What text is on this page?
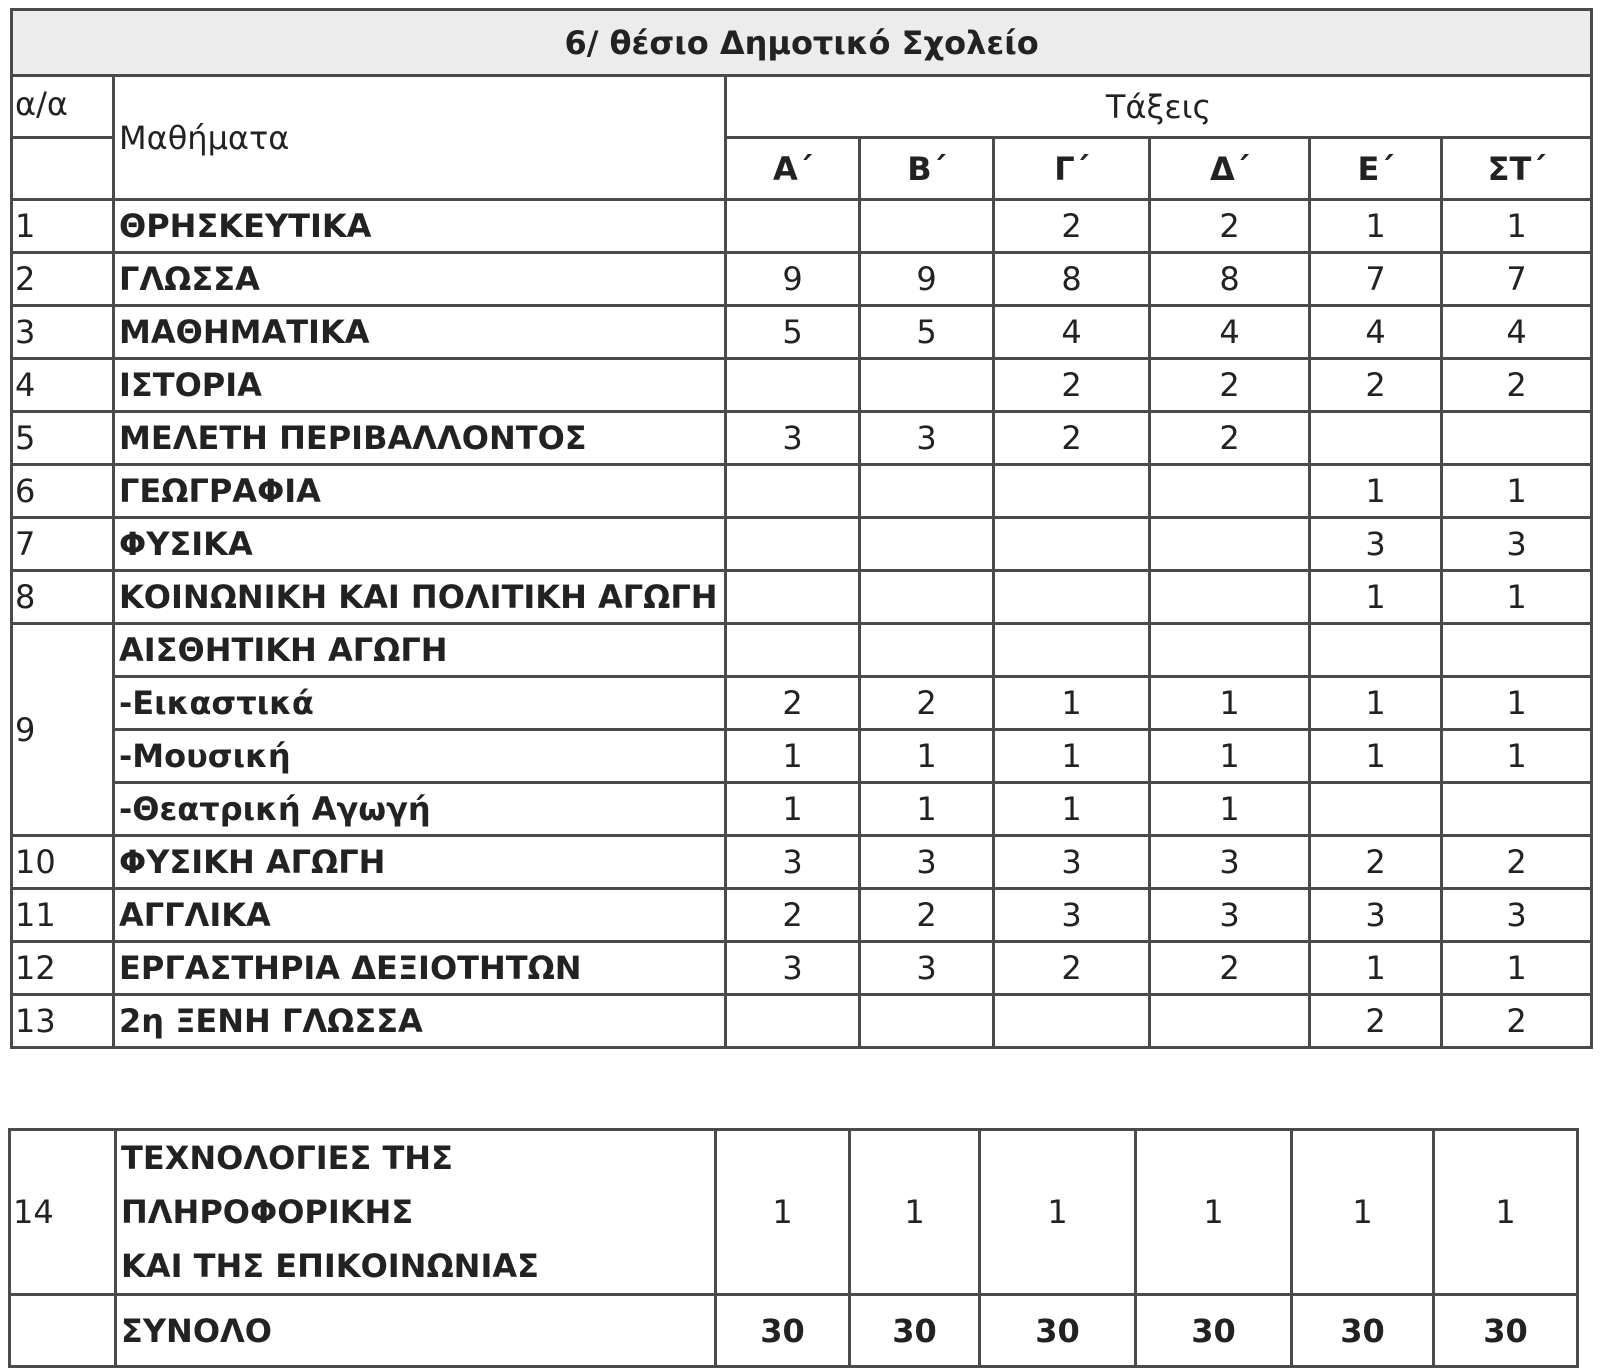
6/ θέσιο Δημοτικό Σχολείο							
α/α	Μαθήματα	Τάξεις					
		Α΄	Β΄	Γ΄	Δ΄	Ε΄	ΣΤ΄
1	ΘΡΗΣΚΕΥΤΙΚΑ			2	2	1	1
2	ΓΛΩΣΣΑ	9	9	8	8	7	7
3	ΜΑΘΗΜΑΤΙΚΑ	5	5	4	4	4	4
4	ΙΣΤΟΡΙΑ			2	2	2	2
5	ΜΕΛΕΤΗ ΠΕΡΙΒΑΛΛΟΝΤΟΣ	3	3	2	2		
6	ΓΕΩΓΡΑΦΙΑ					1	1
7	ΦΥΣΙΚΑ					3	3
8	ΚΟΙΝΩΝΙΚΗ ΚΑΙ ΠΟΛΙΤΙΚΗ ΑΓΩΓΗ					1	1
9	ΑΙΣΘΗΤΙΚΗ ΑΓΩΓΗ						
	-Εικαστικά	2	2	1	1	1	1
	-Μουσική	1	1	1	1	1	1
	-Θεατρική Αγωγή	1	1	1	1		
10	ΦΥΣΙΚΗ ΑΓΩΓΗ	3	3	3	3	2	2
11	ΑΓΓΛΙΚΑ	2	2	3	3	3	3
12	ΕΡΓΑΣΤΗΡΙΑ ΔΕΞΙΟΤΗΤΩΝ	3	3	2	2	1	1
13	2η ΞΕΝΗ ΓΛΩΣΣΑ					2	2
14	ΤΕΧΝΟΛΟΓΙΕΣ ΤΗΣ ΠΛΗΡΟΦΟΡΙΚΗΣ
ΚΑΙ ΤΗΣ ΕΠΙΚΟΙΝΩΝΙΑΣ	1	1	1	1	1	1
	ΣΥΝΟΛΟ	30	30	30	30	30	30
